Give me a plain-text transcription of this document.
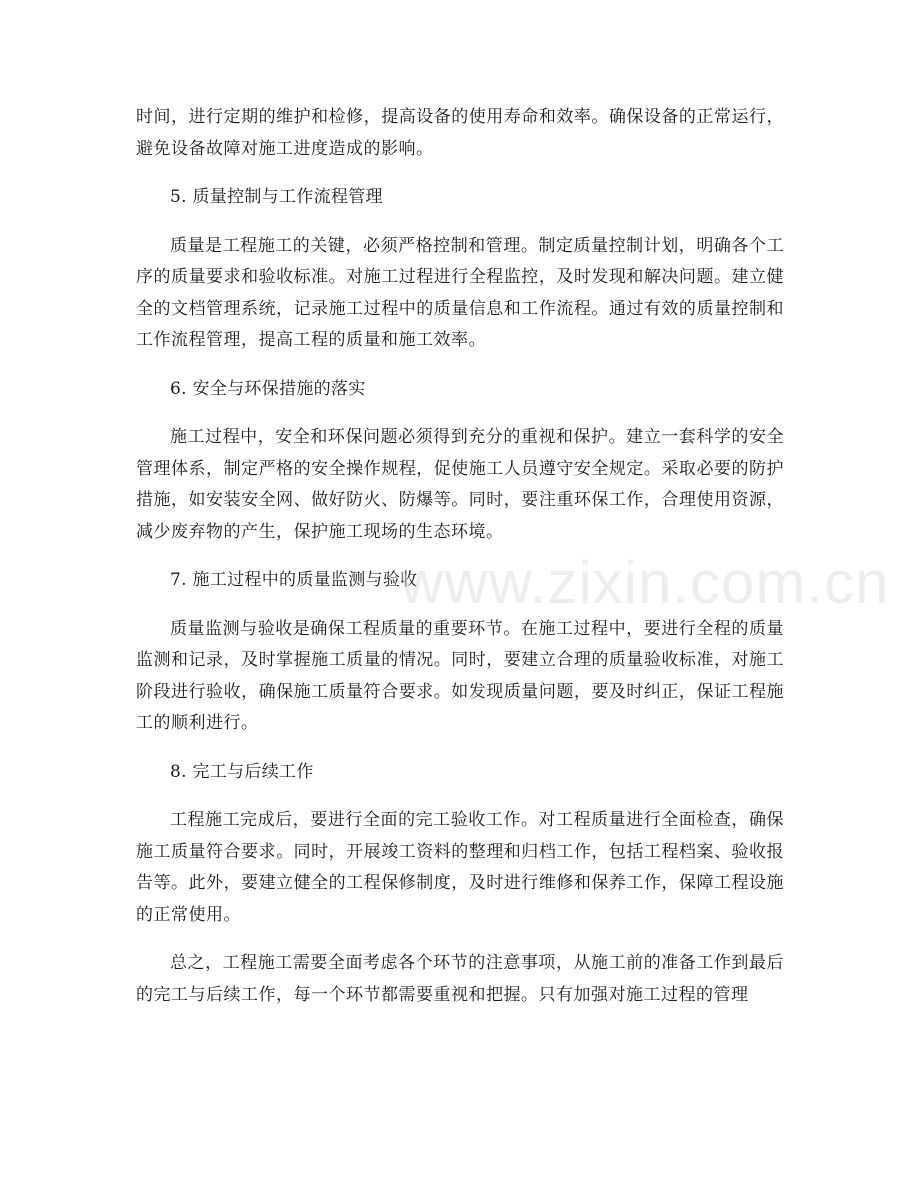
时间，进行定期的维护和检修，提高设备的使用寿命和效率。确保设备的正常运行，避免设备故障对施工进度造成的影响。

5. 质量控制与工作流程管理

质量是工程施工的关键，必须严格控制和管理。制定质量控制计划，明确各个工序的质量要求和验收标准。对施工过程进行全程监控，及时发现和解决问题。建立健全的文档管理系统，记录施工过程中的质量信息和工作流程。通过有效的质量控制和工作流程管理，提高工程的质量和施工效率。

6. 安全与环保措施的落实

施工过程中，安全和环保问题必须得到充分的重视和保护。建立一套科学的安全管理体系，制定严格的安全操作规程，促使施工人员遵守安全规定。采取必要的防护措施，如安装安全网、做好防火、防爆等。同时，要注重环保工作，合理使用资源，减少废弃物的产生，保护施工现场的生态环境。

7. 施工过程中的质量监测与验收

质量监测与验收是确保工程质量的重要环节。在施工过程中，要进行全程的质量监测和记录，及时掌握施工质量的情况。同时，要建立合理的质量验收标准，对施工阶段进行验收，确保施工质量符合要求。如发现质量问题，要及时纠正，保证工程施工的顺利进行。

8. 完工与后续工作

工程施工完成后，要进行全面的完工验收工作。对工程质量进行全面检查，确保施工质量符合要求。同时，开展竣工资料的整理和归档工作，包括工程档案、验收报告等。此外，要建立健全的工程保修制度，及时进行维修和保养工作，保障工程设施的正常使用。

总之，工程施工需要全面考虑各个环节的注意事项，从施工前的准备工作到最后的完工与后续工作，每一个环节都需要重视和把握。只有加强对施工过程的管理

www.zixin.com.cn
